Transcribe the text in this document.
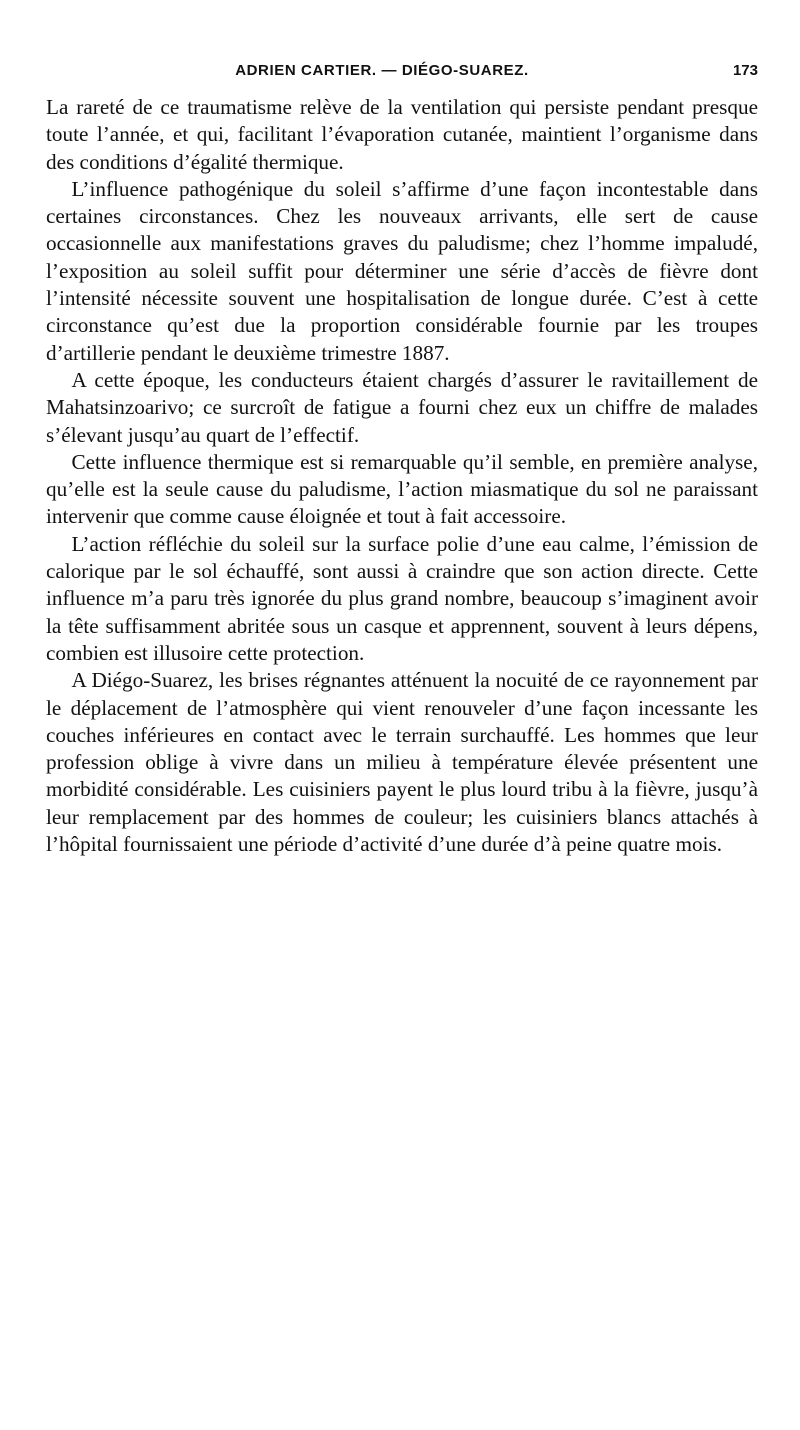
ADRIEN CARTIER. — DIÉGO-SUAREZ.	173

La rareté de ce traumatisme relève de la ventilation qui persiste pendant presque toute l’année, et qui, facilitant l’évaporation cutanée, maintient l’organisme dans des conditions d’égalité thermique.

L’influence pathogénique du soleil s’affirme d’une façon incontestable dans certaines circonstances. Chez les nouveaux arrivants, elle sert de cause occasionnelle aux manifestations graves du paludisme; chez l’homme impaludé, l’exposition au soleil suffit pour déterminer une série d’accès de fièvre dont l’intensité nécessite souvent une hospitalisation de longue durée. C’est à cette circonstance qu’est due la proportion considérable fournie par les troupes d’artillerie pendant le deuxième trimestre 1887.

A cette époque, les conducteurs étaient chargés d’assurer le ravitaillement de Mahatsinzoarivo; ce surcroît de fatigue a fourni chez eux un chiffre de malades s’élevant jusqu’au quart de l’effectif.

Cette influence thermique est si remarquable qu’il semble, en première analyse, qu’elle est la seule cause du paludisme, l’action miasmatique du sol ne paraissant intervenir que comme cause éloignée et tout à fait accessoire.

L’action réfléchie du soleil sur la surface polie d’une eau calme, l’émission de calorique par le sol échauffé, sont aussi à craindre que son action directe. Cette influence m’a paru très ignorée du plus grand nombre, beaucoup s’imaginent avoir la tête suffisamment abritée sous un casque et apprennent, souvent à leurs dépens, combien est illusoire cette protection.

A Diégo-Suarez, les brises régnantes atténuent la nocuité de ce rayonnement par le déplacement de l’atmosphère qui vient renouveler d’une façon incessante les couches inférieures en contact avec le terrain surchauffé. Les hommes que leur profession oblige à vivre dans un milieu à température élevée présentent une morbidité considérable. Les cuisiniers payent le plus lourd tribu à la fièvre, jusqu’à leur remplacement par des hommes de couleur; les cuisiniers blancs attachés à l’hôpital fournissaient une période d’activité d’une durée d’à peine quatre mois.
